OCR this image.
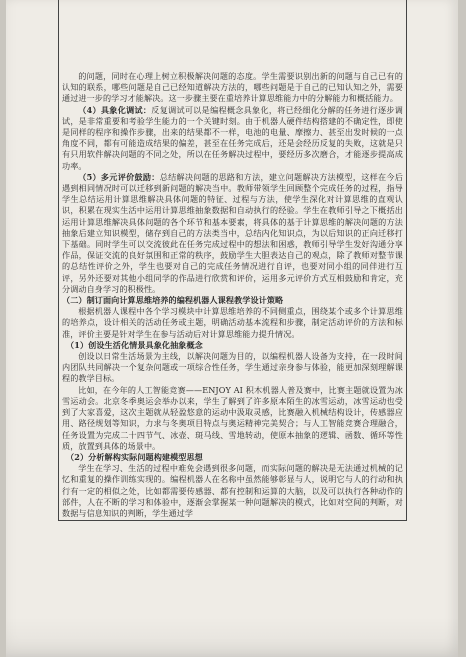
的问题，同时在心理上树立积极解决问题的态度。学生需要识别出新的问题与自己已有的认知的联系，哪些问题是自己已经知道解决方法的，哪些问题是于自己的已知认知之外，需要通过进一步的学习才能解决。这一步骤主要在重培养计算思维能力中的分解能力和概括能力。

（4）具象化调试：反复调试可以是编程概念具象化，将已经细化分解的任务进行逐步调试，是非常重要和考验学生能力的一个关键时刻。由于机器人硬件结构搭建的不确定性，即使是同样的程序和操作步骤，出来的结果都不一样，电池的电量、摩擦力、甚至出发时候的一点角度不同，都有可能造成结果的偏差，甚至在任务完成后，还是会经历反复的失败，这就是只有只用软件解决问题的不同之处，所以在任务解决过程中，要经历多次磨合，才能逐步提高成功率。

（5）多元评价鼓励：总结解决问题的思路和方法，建立问题解决方法模型，这样在今后遇到相同情况时可以迁移到新问题的解决当中。教师带领学生回顾整个完成任务的过程，指导学生总结运用计算思维解决具体问题的特征、过程与方法，使学生深化对计算思维的直观认识，积累在现实生活中运用计算思维抽象数据和自动执行的经验。学生在教师引导之下概括出运用计算思维解决具体问题的各个环节和基本要素，将具体的基于计算思维的解决问题的方法抽象后建立知识模型，储存到自己的方法类当中，总结内化知识点，为以后知识的正向迁移打下基础。同时学生可以交流彼此在任务完成过程中的想法和困惑，教师引导学生发好沟通分享作品，保证交流的良好氛围和正常的秩序，鼓励学生大胆表达自己的观点，除了教师对整节课的总结性评价之外，学生也要对自己的完成任务情况进行自评，也要对同小组的同伴进行互评，另外还要对其他小组同学的作品进行欣赏和评价，运用多元评价方式互相鼓励和肯定，充分调动自身学习的积极性。

（二）制订面向计算思维培养的编程机器人课程教学设计策略

根据机器人课程中各个学习模块中计算思维培养的不同侧重点，围绕某个或多个计算思维的培养点，设计相关的活动任务或主题，明确活动基本流程和步骤，制定活动评价的方法和标准，评价主要是针对学生在参与活动后对计算思维能力提升情况。

（1）创设生活化情景具象化抽象概念

创设以日常生活场景为主线，以解决问题为目的，以编程机器人设备为支持，在一段时间内团队共同解决一个复杂问题或一项综合性任务，学生通过亲身参与体验，能更加深刻理解课程的教学目标。

比如，在今年的人工智能竞赛——ENJOY AI 积木机器人普及赛中，比赛主题就设置为冰雪运动会。北京冬季奥运会举办以来，学生了解到了许多原本陌生的冰雪运动，冰雪运动也受到了大家喜爱，这次主题就从轻盈悠意的运动中汲取灵感，比赛融入机械结构设计，传感器应用、路径规划等知识，力求与冬奥项目特点与奥运精神完美契合；与人工智能竞赛合理融合，任务设置为完成二十四节气、冰壶、斑马线、雪地转动，使原本抽象的逻辑、函数、循环等性质，放置到具体的场景中。

（2）分析解构实际问题构建模型思想

学生在学习、生活的过程中难免会遇到很多问题，而实际问题的解决是无法通过机械的记忆和重复的操作训练实现的。编程机器人在名称中虽然能够彰显与人，说明它与人的行动和执行有一定的相似之处，比如都需要传感器、都有控制和运算的大脑，以及可以执行各种动作的部件，人在不断的学习和体验中，逐渐会掌握某一种问题解决的模式，比如对空间的判断，对数据与信息知识的判断，学生通过学
